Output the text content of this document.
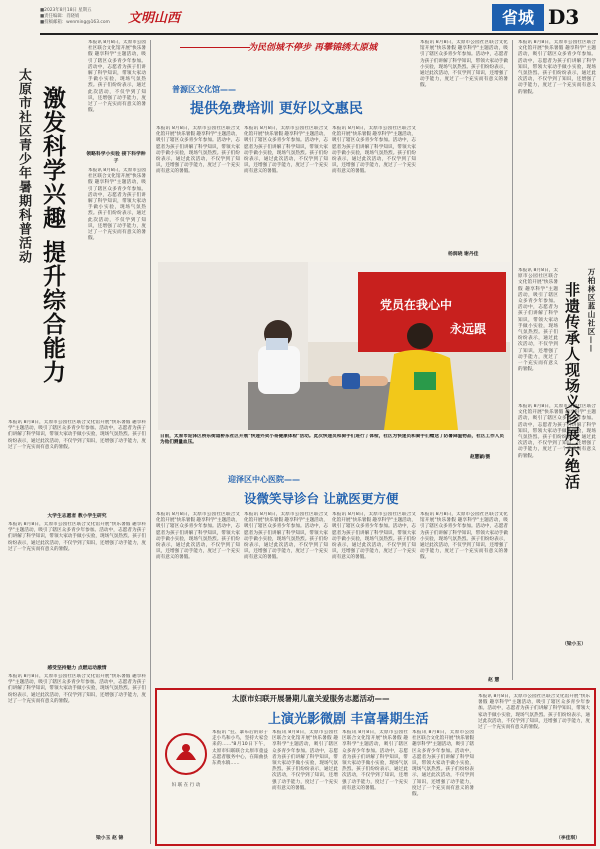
■2023年8月18日 星期五
■责任编辑：肖晓娟
■投稿邮箱：wenming@163.com	文明山西	省城 D3
太原市社区青少年暑期科普活动 激发科学兴趣
提升综合能力
本报讯 8月8日，太原市公园社区联合文化馆开展"快乐暑假 趣享科学"主题活动，吸引了辖区众多青少年参加。活动中，志愿者为孩子们讲解了科学知识，带领大家动手做小实验，现场气氛热烈。孩子们纷纷表示，通过此次活动，不仅学到了知识，还增强了动手能力，度过了一个充实而有意义的暑假。
领略科学小实验 接下科学种子
本报讯 8月8日，太原市公园社区联合文化馆开展"快乐暑假 趣享科学"主题活动，吸引了辖区众多青少年参加。活动中，志愿者为孩子们讲解了科学知识，带领大家动手做小实验，现场气氛热烈。孩子们纷纷表示，通过此次活动，不仅学到了知识，还增强了动手能力，度过了一个充实而有意义的暑假。
本报讯 8月8日，太原市公园社区联合文化馆开展"快乐暑假 趣享科学"主题活动，吸引了辖区众多青少年参加。活动中，志愿者为孩子们讲解了科学知识，带领大家动手做小实验，现场气氛热烈。孩子们纷纷表示，通过此次活动，不仅学到了知识，还增强了动手能力，度过了一个充实而有意义的暑假。
大学生志愿者 教小学生研究
本报讯 8月8日，太原市公园社区联合文化馆开展"快乐暑假 趣享科学"主题活动，吸引了辖区众多青少年参加。活动中，志愿者为孩子们讲解了科学知识，带领大家动手做小实验，现场气氛热烈。孩子们纷纷表示，通过此次活动，不仅学到了知识，还增强了动手能力，度过了一个充实而有意义的暑假。
感受坚持魅力 点燃运动激情
本报讯 8月8日，太原市公园社区联合文化馆开展"快乐暑假 趣享科学"主题活动，吸引了辖区众多青少年参加。活动中，志愿者为孩子们讲解了科学知识，带领大家动手做小实验，现场气氛热烈。孩子们纷纷表示，通过此次活动，不仅学到了知识，还增强了动手能力，度过了一个充实而有意义的暑假。
梁小玉 赵 锦
为民创城不停步 再攀锦绣太原城
普源区文化馆——
提供免费培训 更好以文惠民
本报讯 8月8日，太原市公园社区联合文化馆开展"快乐暑假 趣享科学"主题活动，吸引了辖区众多青少年参加。活动中，志愿者为孩子们讲解了科学知识，带领大家动手做小实验，现场气氛热烈。孩子们纷纷表示，通过此次活动，不仅学到了知识，还增强了动手能力，度过了一个充实而有意义的暑假。
本报讯 8月8日，太原市公园社区联合文化馆开展"快乐暑假 趣享科学"主题活动，吸引了辖区众多青少年参加。活动中，志愿者为孩子们讲解了科学知识，带领大家动手做小实验，现场气氛热烈。孩子们纷纷表示，通过此次活动，不仅学到了知识，还增强了动手能力，度过了一个充实而有意义的暑假。
本报讯 8月8日，太原市公园社区联合文化馆开展"快乐暑假 趣享科学"主题活动，吸引了辖区众多青少年参加。活动中，志愿者为孩子们讲解了科学知识，带领大家动手做小实验，现场气氛热烈。孩子们纷纷表示，通过此次活动，不仅学到了知识，还增强了动手能力，度过了一个充实而有意义的暑假。
本报讯 8月8日，太原市公园社区联合文化馆开展"快乐暑假 趣享科学"主题活动，吸引了辖区众多青少年参加。活动中，志愿者为孩子们讲解了科学知识，带领大家动手做小实验，现场气氛热烈。孩子们纷纷表示，通过此次活动，不仅学到了知识，还增强了动手能力，度过了一个充实而有意义的暑假。
杨润晓 谢丹佳
党员在我心中
永远跟
日前，太原市迎泽区桥东街道桥东社区开展"快递外卖小哥健康体检"活动。此次快递员和骑手们进行了体检，社区为快递员和骑手们赠送了防暑降温物品，社区工作人员为他们测量血压。
赵慧颖/摄
迎泽区中心医院——
设微笑导诊台 让就医更方便
本报讯 8月8日，太原市公园社区联合文化馆开展"快乐暑假 趣享科学"主题活动，吸引了辖区众多青少年参加。活动中，志愿者为孩子们讲解了科学知识，带领大家动手做小实验，现场气氛热烈。孩子们纷纷表示，通过此次活动，不仅学到了知识，还增强了动手能力，度过了一个充实而有意义的暑假。
本报讯 8月8日，太原市公园社区联合文化馆开展"快乐暑假 趣享科学"主题活动，吸引了辖区众多青少年参加。活动中，志愿者为孩子们讲解了科学知识，带领大家动手做小实验，现场气氛热烈。孩子们纷纷表示，通过此次活动，不仅学到了知识，还增强了动手能力，度过了一个充实而有意义的暑假。
本报讯 8月8日，太原市公园社区联合文化馆开展"快乐暑假 趣享科学"主题活动，吸引了辖区众多青少年参加。活动中，志愿者为孩子们讲解了科学知识，带领大家动手做小实验，现场气氛热烈。孩子们纷纷表示，通过此次活动，不仅学到了知识，还增强了动手能力，度过了一个充实而有意义的暑假。
本报讯 8月8日，太原市公园社区联合文化馆开展"快乐暑假 趣享科学"主题活动，吸引了辖区众多青少年参加。活动中，志愿者为孩子们讲解了科学知识，带领大家动手做小实验，现场气氛热烈。孩子们纷纷表示，通过此次活动，不仅学到了知识，还增强了动手能力，度过了一个充实而有意义的暑假。
赵 慧
本报讯 8月8日，太原市公园社区联合文化馆开展"快乐暑假 趣享科学"主题活动，吸引了辖区众多青少年参加。活动中，志愿者为孩子们讲解了科学知识，带领大家动手做小实验，现场气氛热烈。孩子们纷纷表示，通过此次活动，不仅学到了知识，还增强了动手能力，度过了一个充实而有意义的暑假。
万柏林区蓝山社区——
非遗传承人现场义诊展示绝活
本报讯 8月8日，太原市公园社区联合文化馆开展"快乐暑假 趣享科学"主题活动，吸引了辖区众多青少年参加。活动中，志愿者为孩子们讲解了科学知识，带领大家动手做小实验，现场气氛热烈。孩子们纷纷表示，通过此次活动，不仅学到了知识，还增强了动手能力，度过了一个充实而有意义的暑假。
本报讯 8月8日，太原市公园社区联合文化馆开展"快乐暑假 趣享科学"主题活动，吸引了辖区众多青少年参加。活动中，志愿者为孩子们讲解了科学知识，带领大家动手做小实验，现场气氛热烈。孩子们纷纷表示，通过此次活动，不仅学到了知识，还增强了动手能力，度过了一个充实而有意义的暑假。
（梁小玉）
太原市妇联开展暑期儿童关爱服务志愿活动——
上演光影微剧 丰富暑期生活
妇 联 在 行 动
本报讯 "狂、暴布后的彩子走小鸟和小鸟，坚持大家会来的……"8月10日下午，太原市妇联联合太原市童益志愿者服务中心，在阳曲县东黄水镇……
本报讯 8月8日，太原市公园社区联合文化馆开展"快乐暑假 趣享科学"主题活动，吸引了辖区众多青少年参加。活动中，志愿者为孩子们讲解了科学知识，带领大家动手做小实验，现场气氛热烈。孩子们纷纷表示，通过此次活动，不仅学到了知识，还增强了动手能力，度过了一个充实而有意义的暑假。
本报讯 8月8日，太原市公园社区联合文化馆开展"快乐暑假 趣享科学"主题活动，吸引了辖区众多青少年参加。活动中，志愿者为孩子们讲解了科学知识，带领大家动手做小实验，现场气氛热烈。孩子们纷纷表示，通过此次活动，不仅学到了知识，还增强了动手能力，度过了一个充实而有意义的暑假。
本报讯 8月8日，太原市公园社区联合文化馆开展"快乐暑假 趣享科学"主题活动，吸引了辖区众多青少年参加。活动中，志愿者为孩子们讲解了科学知识，带领大家动手做小实验，现场气氛热烈。孩子们纷纷表示，通过此次活动，不仅学到了知识，还增强了动手能力，度过了一个充实而有意义的暑假。
本报讯 8月8日，太原市公园社区联合文化馆开展"快乐暑假 趣享科学"主题活动，吸引了辖区众多青少年参加。活动中，志愿者为孩子们讲解了科学知识，带领大家动手做小实验，现场气氛热烈。孩子们纷纷表示，通过此次活动，不仅学到了知识，还增强了动手能力，度过了一个充实而有意义的暑假。
（李佳琪）
